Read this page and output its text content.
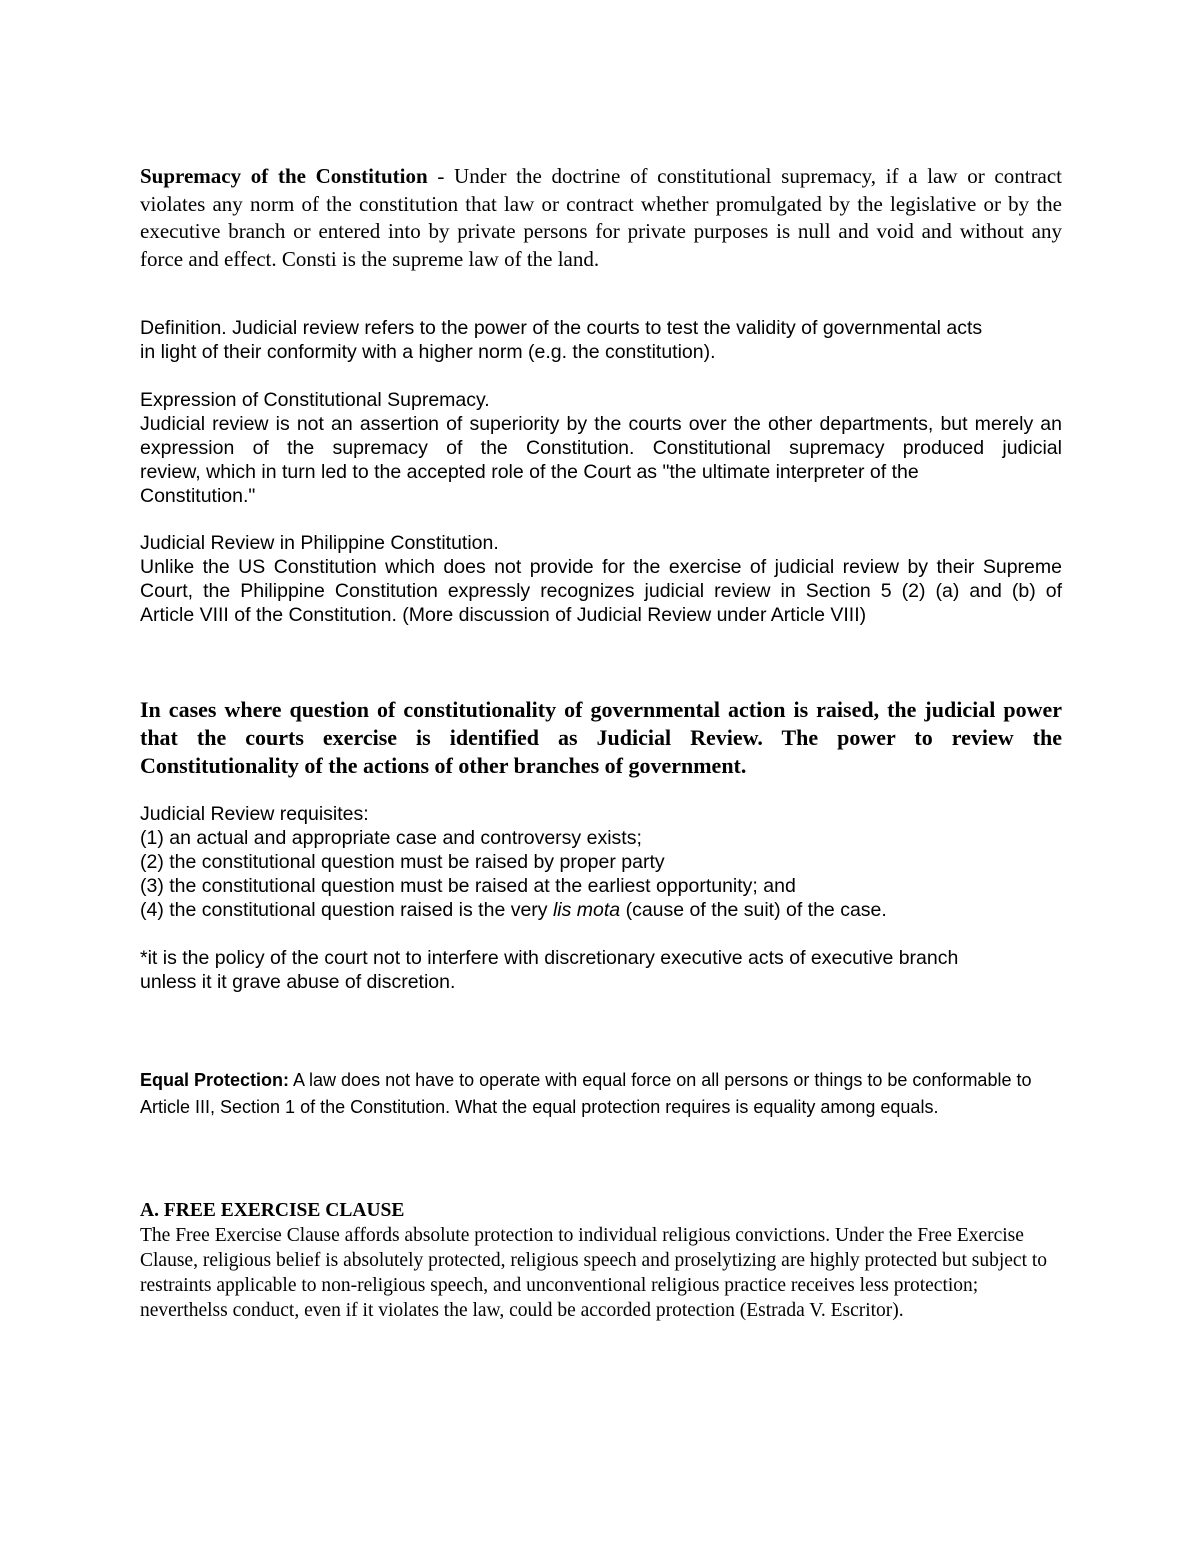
Supremacy of the Constitution - Under the doctrine of constitutional supremacy, if a law or contract violates any norm of the constitution that law or contract whether promulgated by the legislative or by the executive branch or entered into by private persons for private purposes is null and void and without any force and effect. Consti is the supreme law of the land.

Definition. Judicial review refers to the power of the courts to test the validity of governmental acts
in light of their conformity with a higher norm (e.g. the constitution).
Expression of Constitutional Supremacy.
Judicial review is not an assertion of superiority by the courts over the other departments, but merely an expression of the supremacy of the Constitution. Constitutional supremacy produced judicial
review, which in turn led to the accepted role of the Court as "the ultimate interpreter of the
Constitution."
Judicial Review in Philippine Constitution.
Unlike the US Constitution which does not provide for the exercise of judicial review by their Supreme Court, the Philippine Constitution expressly recognizes judicial review in Section 5 (2) (a) and (b) of
Article VIII of the Constitution. (More discussion of Judicial Review under Article VIII)
In cases where question of constitutionality of governmental action is raised, the judicial power that the courts exercise is identified as Judicial Review. The power to review the
Constitutionality of the actions of other branches of government.
Judicial Review requisites:
(1) an actual and appropriate case and controversy exists;
(2) the constitutional question must be raised by proper party
(3) the constitutional question must be raised at the earliest opportunity; and
(4) the constitutional question raised is the very lis mota (cause of the suit) of the case.
*it is the policy of the court not to interfere with discretionary executive acts of executive branch
unless it it grave abuse of discretion.

Equal Protection: A law does not have to operate with equal force on all persons or things to be conformable to Article III, Section 1 of the Constitution. What the equal protection requires is equality among equals.

A. FREE EXERCISE CLAUSE
The Free Exercise Clause affords absolute protection to individual religious convictions. Under the Free Exercise Clause, religious belief is absolutely protected, religious speech and proselytizing are highly protected but subject to restraints applicable to non-religious speech, and unconventional religious practice receives less protection; neverthelss conduct, even if it violates the law, could be accorded protection (Estrada V. Escritor).
